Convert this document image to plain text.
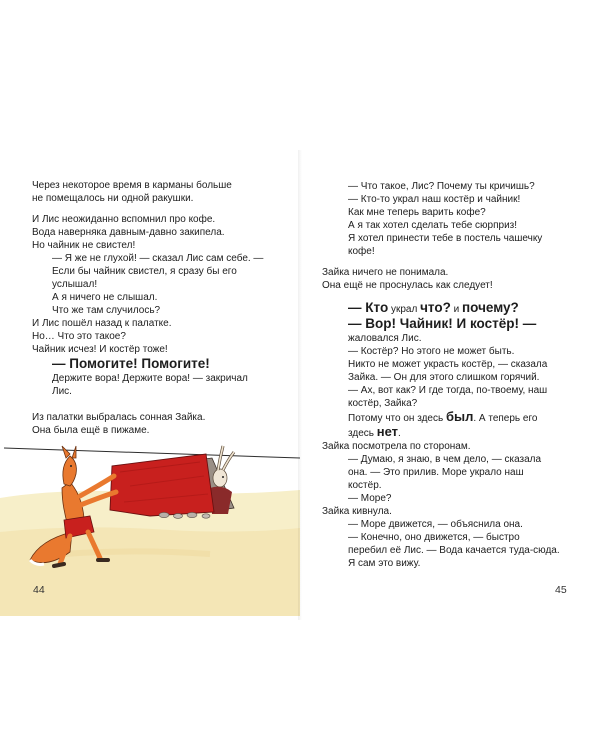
Через некоторое время в карманы больше
не помещалось ни одной ракушки.
И Лис неожиданно вспомнил про кофе.
Вода наверняка давным-давно закипела.
Но чайник не свистел!
— Я же не глухой! — сказал Лис сам себе. —
Если бы чайник свистел, я сразу бы его
услышал!
А я ничего не слышал.
Что же там случилось?
И Лис пошёл назад к палатке.
Но… Что это такое?
Чайник исчез! И костёр тоже!
— Помогите! Помогите!
Держите вора! Держите вора! — закричал
Лис.
Из палатки выбралась сонная Зайка.
Она была ещё в пижаме.
44
— Что такое, Лис? Почему ты кричишь?
— Кто-то украл наш костёр и чайник!
Как мне теперь варить кофе?
А я так хотел сделать тебе сюрприз!
Я хотел принести тебе в постель чашечку
кофе!
Зайка ничего не понимала.
Она ещё не проснулась как следует!
— Кто украл что? и почему?
— Вор! Чайник! И костёр! —
жаловался Лис.
— Костёр? Но этого не может быть.
Никто не может украсть костёр, — сказала
Зайка. — Он для этого слишком горячий.
— Ах, вот как? И где тогда, по-твоему, наш
костёр, Зайка?
Потому что он здесь был. А теперь его
здесь нет.
Зайка посмотрела по сторонам.
— Думаю, я знаю, в чем дело, — сказала
она. — Это прилив. Море украло наш
костёр.
— Море?
Зайка кивнула.
— Море движется, — объяснила она.
— Конечно, оно движется, — быстро
перебил её Лис. — Вода качается туда-сюда.
Я сам это вижу.
45
